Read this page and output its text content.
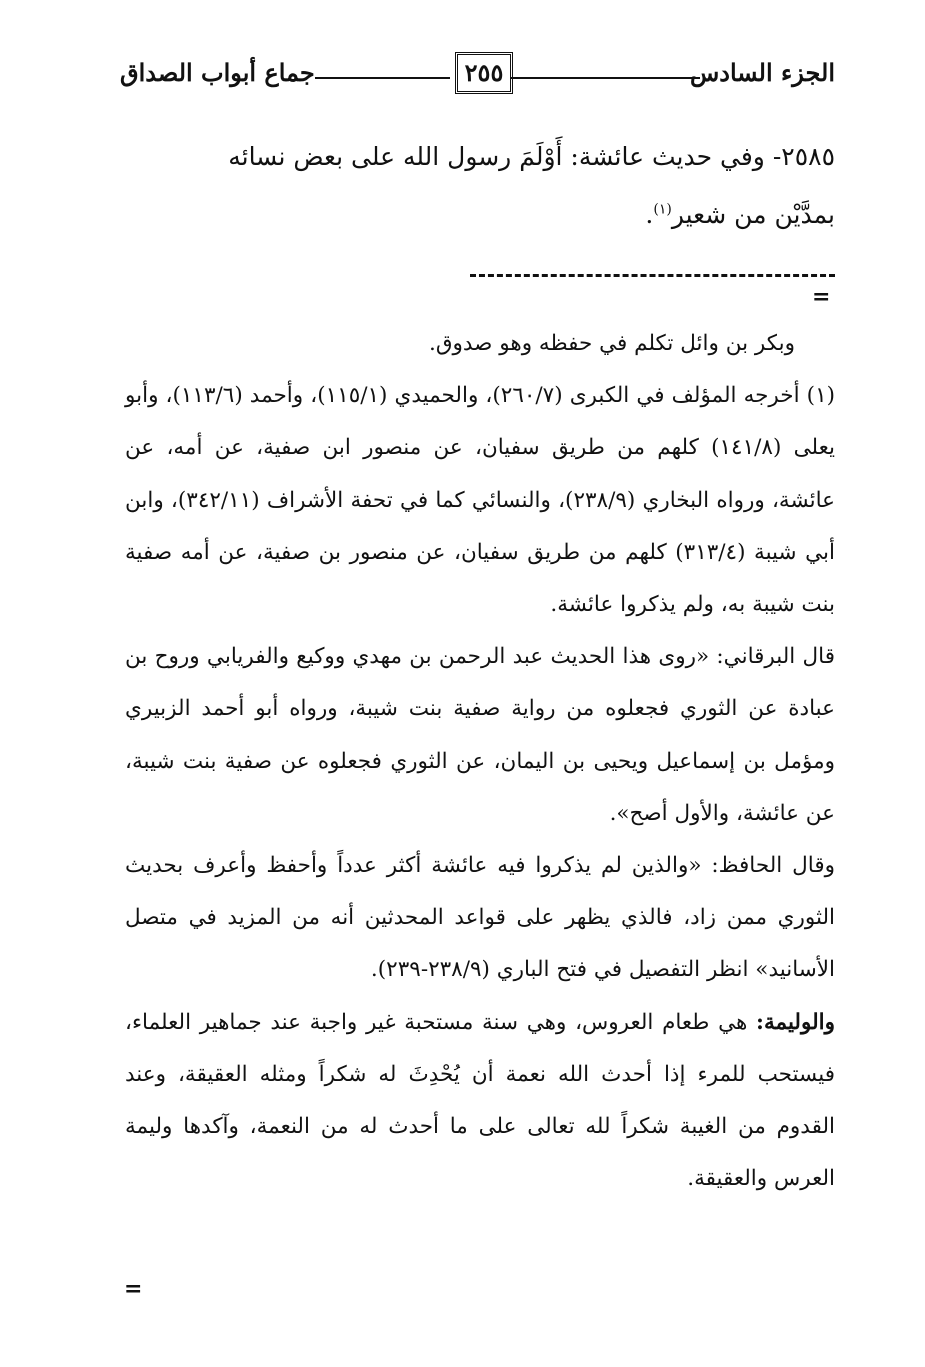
الجزء السادس
٢٥٥
جماع أبواب الصداق

٢٥٨٥- وفي حديث عائشة: أَوْلَمَ رسول الله على بعض نسائه

بمدَّيْن من شعير$^{(١)}$.

=

وبكر بن وائل تكلم في حفظه وهو صدوق.

(١) أخرجه المؤلف في الكبرى (٢٦٠/٧)، والحميدي (١١٥/١)، وأحمد (١١٣/٦)، وأبو يعلى (١٤١/٨) كلهم من طريق سفيان، عن منصور ابن صفية، عن أمه، عن عائشة، ورواه البخاري (٢٣٨/٩)، والنسائي كما في تحفة الأشراف (٣٤٢/١١)، وابن أبي شيبة (٣١٣/٤) كلهم من طريق سفيان، عن منصور بن صفية، عن أمه صفية بنت شيبة به، ولم يذكروا عائشة.

قال البرقاني: «روى هذا الحديث عبد الرحمن بن مهدي ووكيع والفريابي وروح بن عبادة عن الثوري فجعلوه من رواية صفية بنت شيبة، ورواه أبو أحمد الزبيري ومؤمل بن إسماعيل ويحيى بن اليمان، عن الثوري فجعلوه عن صفية بنت شيبة، عن عائشة، والأول أصح».

وقال الحافظ: «والذين لم يذكروا فيه عائشة أكثر عدداً وأحفظ وأعرف بحديث الثوري ممن زاد، فالذي يظهر على قواعد المحدثين أنه من المزيد في متصل الأسانيد» انظر التفصيل في فتح الباري (٢٣٨/٩-٢٣٩).

والوليمة: هي طعام العروس، وهي سنة مستحبة غير واجبة عند جماهير العلماء، فيستحب للمرء إذا أحدث الله نعمة أن يُحْدِثَ له شكراً ومثله العقيقة، وعند القدوم من الغيبة شكراً لله تعالى على ما أحدث له من النعمة، وآكدها وليمة العرس والعقيقة.

=
